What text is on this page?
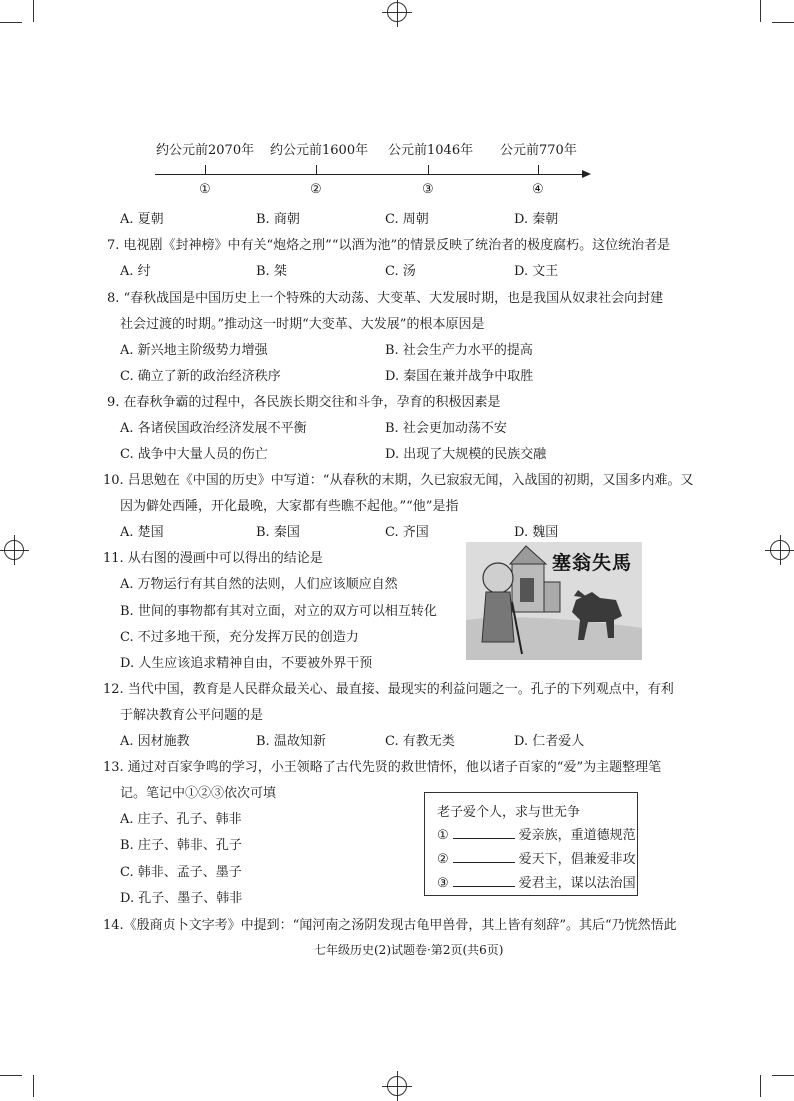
约公元前2070年 约公元前1600年 公元前1046年 公元前770年
①	②	③	④
A. 夏朝	B. 商朝	C. 周朝	D. 秦朝
7. 电视剧《封神榜》中有关“炮烙之刑”“以酒为池”的情景反映了统治者的极度腐朽。这位统治者是
A. 纣	B. 桀	C. 汤	D. 文王
8. “春秋战国是中国历史上一个特殊的大动荡、大变革、大发展时期，也是我国从奴隶社会向封建
社会过渡的时期。”推动这一时期“大变革、大发展”的根本原因是
A. 新兴地主阶级势力增强	B. 社会生产力水平的提高
C. 确立了新的政治经济秩序	D. 秦国在兼并战争中取胜
9. 在春秋争霸的过程中，各民族长期交往和斗争，孕育的积极因素是
A. 各诸侯国政治经济发展不平衡	B. 社会更加动荡不安
C. 战争中大量人员的伤亡	D. 出现了大规模的民族交融
10. 吕思勉在《中国的历史》中写道：“从春秋的末期，久已寂寂无闻，入战国的初期，又国多内难。又
因为僻处西陲，开化最晚，大家都有些瞧不起他。”“他”是指
A. 楚国	B. 秦国	C. 齐国	D. 魏国
11. 从右图的漫画中可以得出的结论是
A. 万物运行有其自然的法则，人们应该顺应自然
B. 世间的事物都有其对立面，对立的双方可以相互转化
C. 不过多地干预，充分发挥万民的创造力
D. 人生应该追求精神自由，不要被外界干预
塞翁失馬
12. 当代中国，教育是人民群众最关心、最直接、最现实的利益问题之一。孔子的下列观点中，有利
于解决教育公平问题的是
A. 因材施教	B. 温故知新	C. 有教无类	D. 仁者爱人
13. 通过对百家争鸣的学习，小王领略了古代先贤的救世情怀，他以诸子百家的“爱”为主题整理笔
记。笔记中①②③依次可填
A. 庄子、孔子、韩非
B. 庄子、韩非、孔子
C. 韩非、孟子、墨子
D. 孔子、墨子、韩非
老子爱个人，求与世无争
①	爱亲族，重道德规范
②	爱天下，倡兼爱非攻
③	爱君主，谋以法治国
14.《殷商贞卜文字考》中提到：“闻河南之汤阴发现古龟甲兽骨，其上皆有刻辞”。其后“乃恍然悟此
七年级历史(2)试题卷·第2页(共6页)
